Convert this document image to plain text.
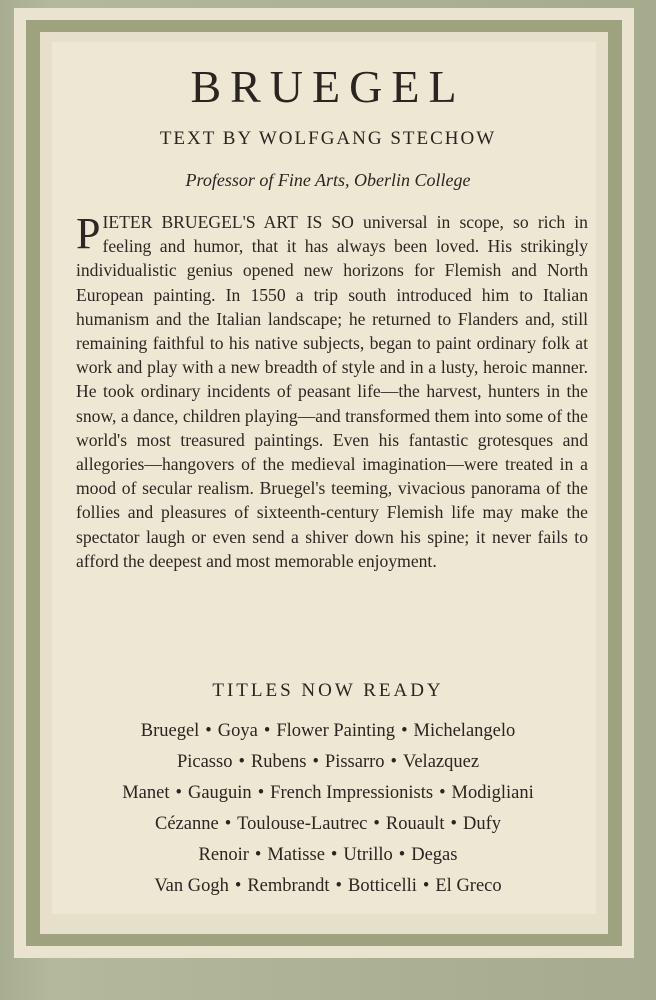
BRUEGEL
TEXT BY WOLFGANG STECHOW
Professor of Fine Arts, Oberlin College

PIETER BRUEGEL'S ART IS SO universal in scope, so rich in feeling and humor, that it has always been loved. His strikingly individualistic genius opened new horizons for Flemish and North European painting. In 1550 a trip south introduced him to Italian humanism and the Italian landscape; he returned to Flanders and, still remaining faithful to his native subjects, began to paint ordinary folk at work and play with a new breadth of style and in a lusty, heroic manner. He took ordinary incidents of peasant life—the harvest, hunters in the snow, a dance, children playing—and transformed them into some of the world's most treasured paintings. Even his fantastic grotesques and allegories—hangovers of the medieval imagination—were treated in a mood of secular realism. Bruegel's teeming, vivacious panorama of the follies and pleasures of sixteenth-century Flemish life may make the spectator laugh or even send a shiver down his spine; it never fails to afford the deepest and most memorable enjoyment.

TITLES NOW READY
Bruegel • Goya • Flower Painting • Michelangelo
Picasso • Rubens • Pissarro • Velazquez
Manet • Gauguin • French Impressionists • Modigliani
Cézanne • Toulouse-Lautrec • Rouault • Dufy
Renoir • Matisse • Utrillo • Degas
Van Gogh • Rembrandt • Botticelli • El Greco
